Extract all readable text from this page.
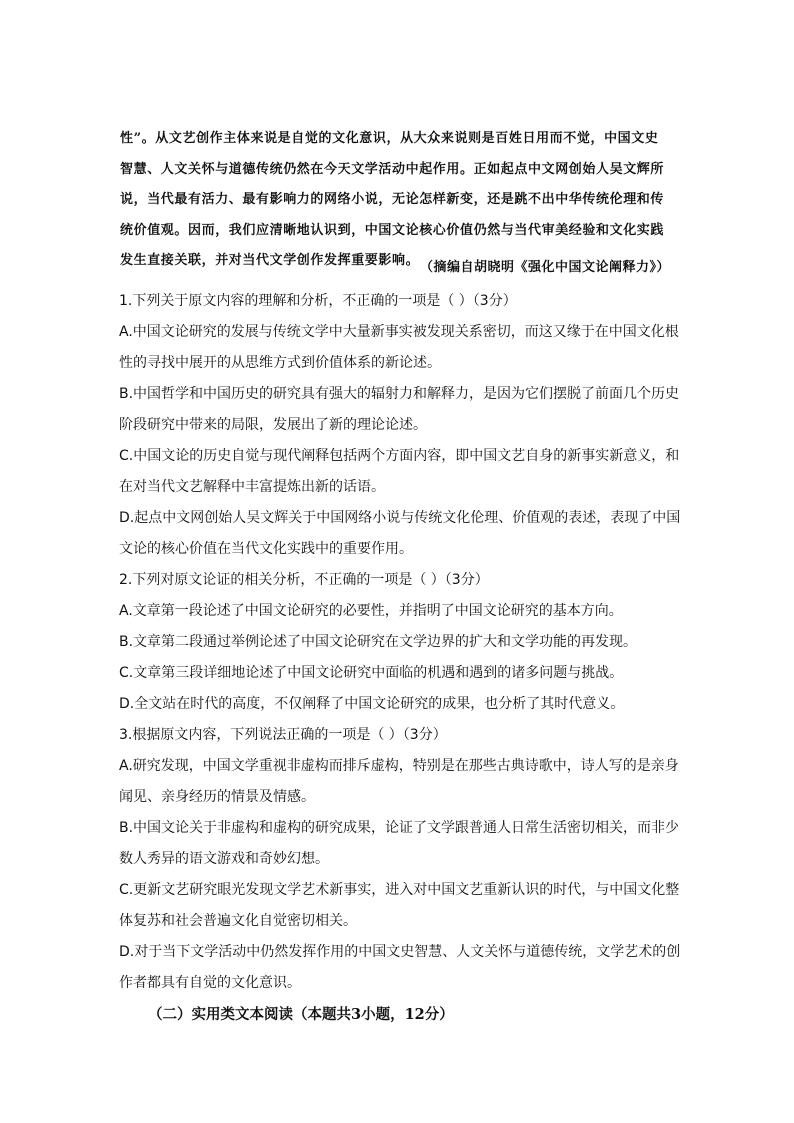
性”。从文艺创作主体来说是自觉的文化意识，从大众来说则是百姓日用而不觉，中国文史
智慧、人文关怀与道德传统仍然在今天文学活动中起作用。正如起点中文网创始人吴文辉所
说，当代最有活力、最有影响力的网络小说，无论怎样新变，还是跳不出中华传统伦理和传
统价值观。因而，我们应清晰地认识到，中国文论核心价值仍然与当代审美经验和文化实践
发生直接关联，并对当代文学创作发挥重要影响。 （摘编自胡晓明《强化中国文论阐释力》）
1.下列关于原文内容的理解和分析，不正确的一项是（ ）（3分）
A.中国文论研究的发展与传统文学中大量新事实被发现关系密切，而这又缘于在中国文化根
性的寻找中展开的从思维方式到价值体系的新论述。
B.中国哲学和中国历史的研究具有强大的辐射力和解释力，是因为它们摆脱了前面几个历史
阶段研究中带来的局限，发展出了新的理论论述。
C.中国文论的历史自觉与现代阐释包括两个方面内容，即中国文艺自身的新事实新意义，和
在对当代文艺解释中丰富提炼出新的话语。
D.起点中文网创始人吴文辉关于中国网络小说与传统文化伦理、价值观的表述，表现了中国
文论的核心价值在当代文化实践中的重要作用。
2.下列对原文论证的相关分析，不正确的一项是（ ）（3分）
A.文章第一段论述了中国文论研究的必要性，并指明了中国文论研究的基本方向。
B.文章第二段通过举例论述了中国文论研究在文学边界的扩大和文学功能的再发现。
C.文章第三段详细地论述了中国文论研究中面临的机遇和遇到的诸多问题与挑战。
D.全文站在时代的高度，不仅阐释了中国文论研究的成果，也分析了其时代意义。
3.根据原文内容，下列说法正确的一项是（ ）（3分）
A.研究发现，中国文学重视非虚构而排斥虚构，特别是在那些古典诗歌中，诗人写的是亲身
闻见、亲身经历的情景及情感。
B.中国文论关于非虚构和虚构的研究成果，论证了文学跟普通人日常生活密切相关，而非少
数人秀异的语文游戏和奇妙幻想。
C.更新文艺研究眼光发现文学艺术新事实，进入对中国文艺重新认识的时代，与中国文化整
体复苏和社会普遍文化自觉密切相关。
D.对于当下文学活动中仍然发挥作用的中国文史智慧、人文关怀与道德传统，文学艺术的创
作者都具有自觉的文化意识。
（二）实用类文本阅读（本题共3小题，12分）
